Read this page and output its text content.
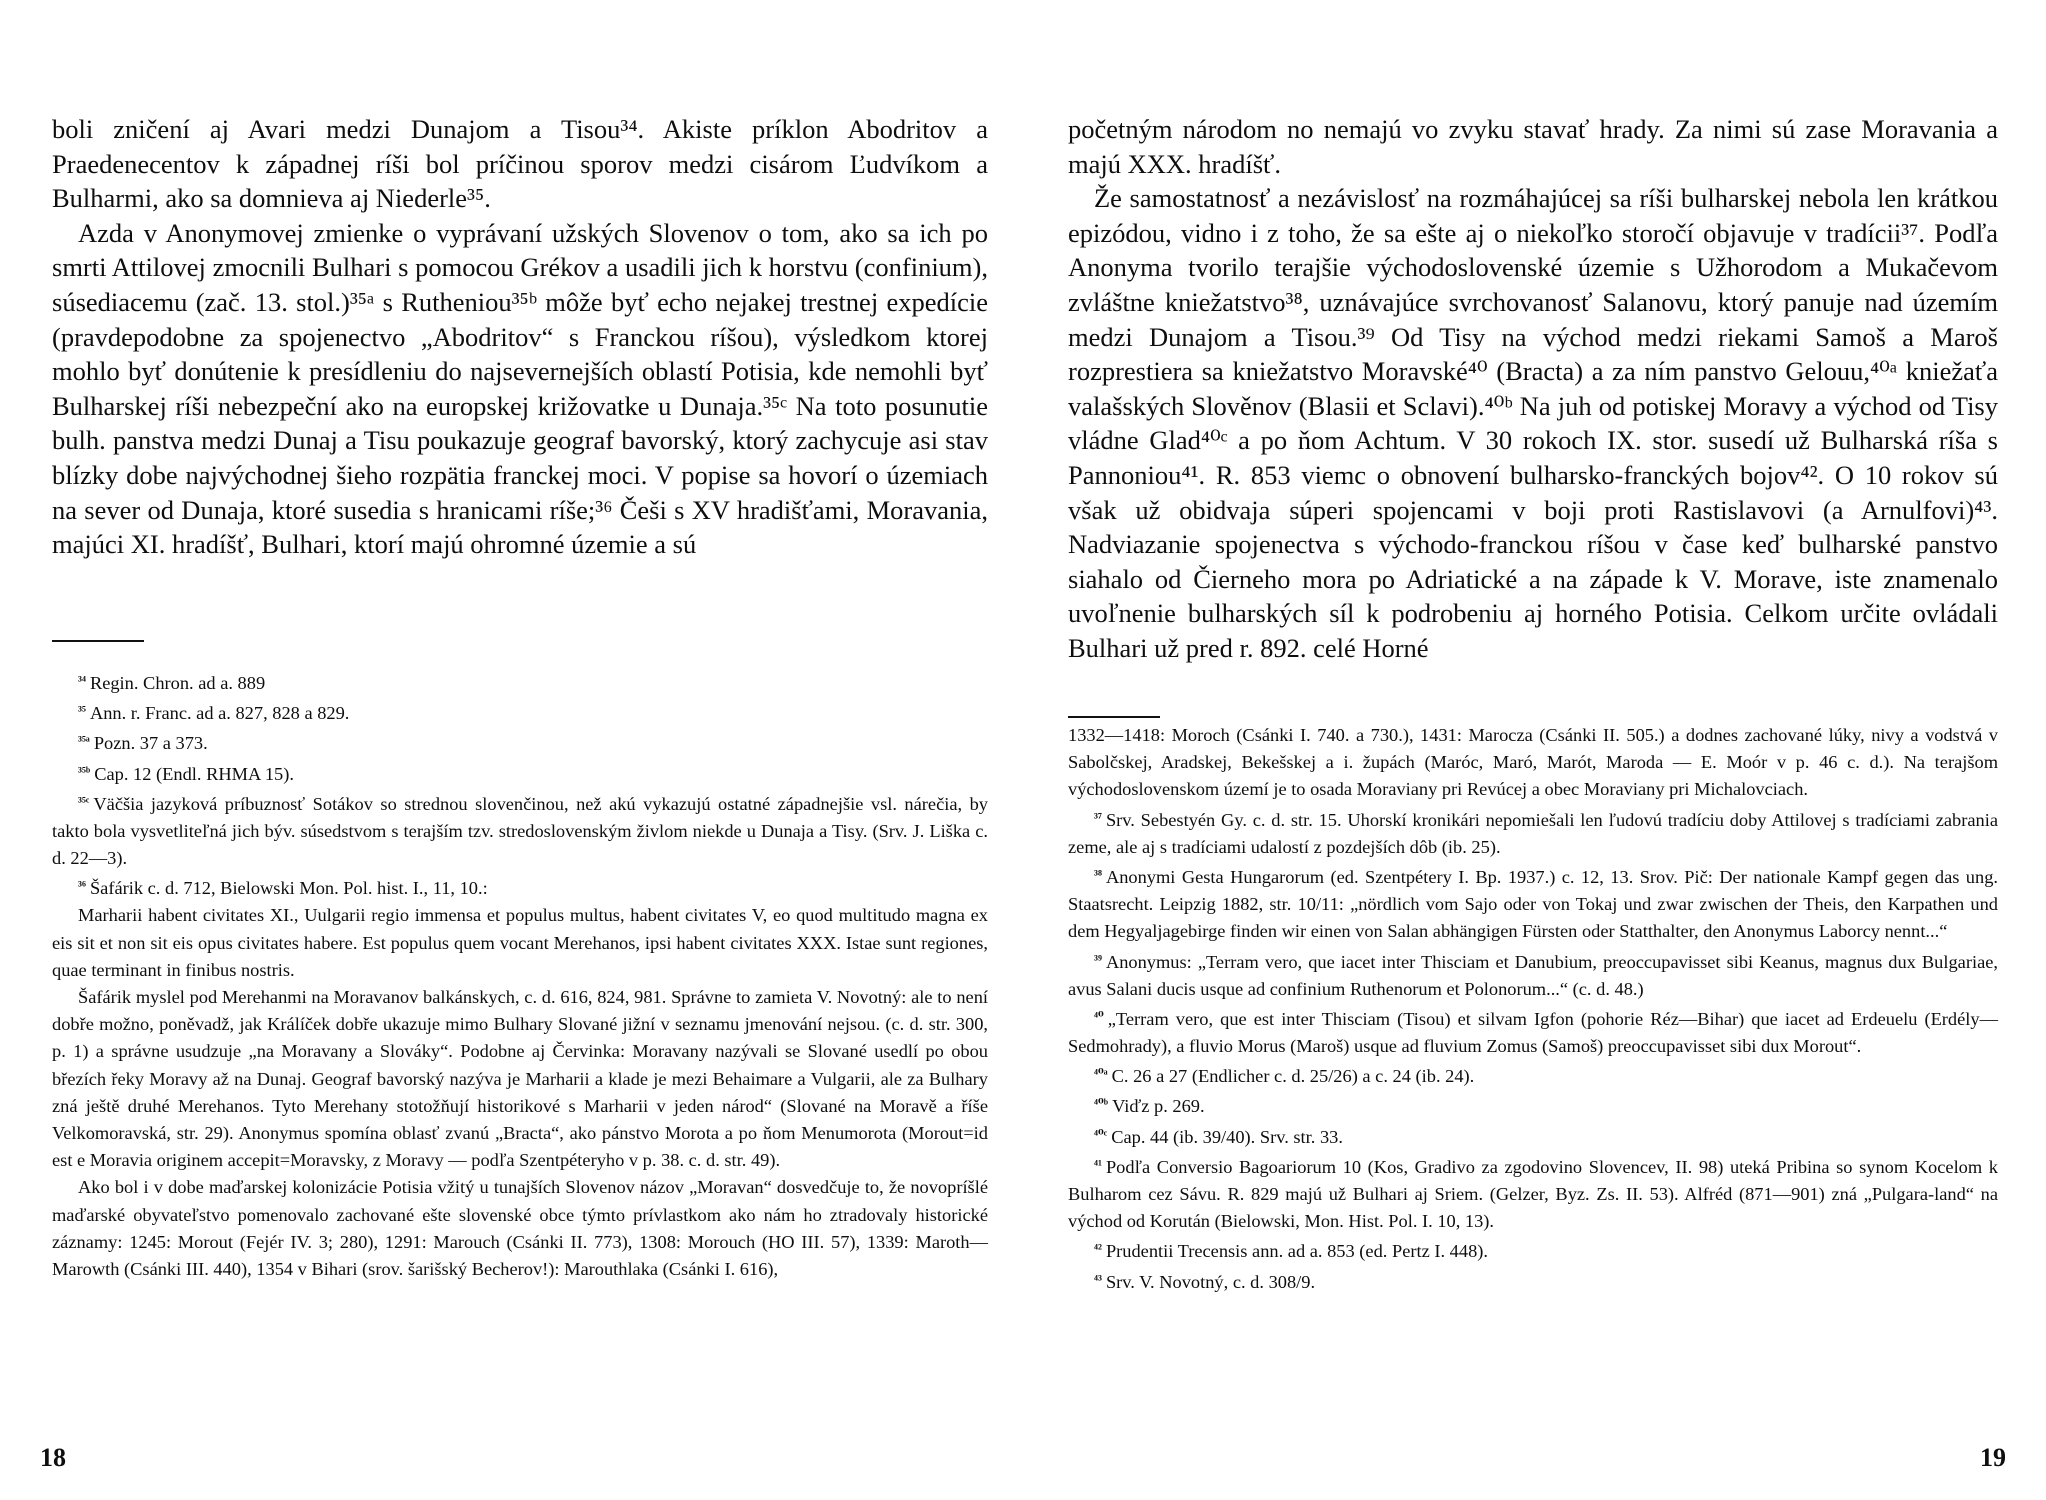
boli zničení aj Avari medzi Dunajom a Tisou³⁴. Akiste príklon Abodritov a Praedenecentov k západnej ríši bol príčinou sporov medzi cisárom Ľudvíkom a Bulharmi, ako sa domnieva aj Niederle³⁵.

Azda v Anonymovej zmienke o vyprávaní užských Slovenov o tom, ako sa ich po smrti Attilovej zmocnili Bulhari s pomocou Grékov a usadili jich k horstvu (confinium), súsediacemu (zač. 13. stol.)³⁵ᵃ s Rutheniou³⁵ᵇ môže byť echo nejakej trestnej expedície (pravdepodobne za spojenectvo „Abodritov“ s Franckou ríšou), výsledkom ktorej mohlo byť donútenie k presídleniu do najsevernejších oblastí Potisia, kde nemohli byť Bulharskej ríši nebezpeční ako na europskej križovatke u Dunaja.³⁵ᶜ Na toto posunutie bulh. panstva medzi Dunaj a Tisu poukazuje geograf bavorský, ktorý zachycuje asi stav blízky dobe najvýchodnej šieho rozpätia franckej moci. V popise sa hovorí o územiach na sever od Dunaja, ktoré susedia s hranicami ríše;³⁶ Češi s XV hradišťami, Moravania, majúci XI. hradíšť, Bulhari, ktorí majú ohromné územie a sú

$^{^{34}}$ Regin. Chron. ad a. 889

$^{^{35}}$ Ann. r. Franc. ad a. 827, 828 a 829.

$^{^{35}ᵃ}$ Pozn. 37 a 373.

$^{^{35}ᵇ}$ Cap. 12 (Endl. RHMA 15).

$^{^{35}ᶜ}$ Väčšia jazyková príbuznosť Sotákov so strednou slovenčinou, než akú vykazujú ostatné západnejšie vsl. nárečia, by takto bola vysvetliteľná jich býv. súsedstvom s terajším tzv. stredoslovenským živlom niekde u Dunaja a Tisy. (Srv. J. Liška c. d. 22—3).

$^{^{36}}$ Šafárik c. d. 712, Bielowski Mon. Pol. hist. I., 11, 10.:

Marharii habent civitates XI., Uulgarii regio immensa et populus multus, habent civitates V, eo quod multitudo magna ex eis sit et non sit eis opus civitates habere. Est populus quem vocant Merehanos, ipsi habent civitates XXX. Istae sunt regiones, quae terminant in finibus nostris.

Šafárik myslel pod Merehanmi na Moravanov balkánskych, c. d. 616, 824, 981. Správne to zamieta V. Novotný: ale to není dobře možno, poněvadž, jak Králíček dobře ukazuje mimo Bulhary Slované jižní v seznamu jmenování nejsou. (c. d. str. 300, p. 1) a správne usudzuje „na Moravany a Slováky“. Podobne aj Červinka: Moravany nazývali se Slované usedlí po obou březích řeky Moravy až na Dunaj. Geograf bavorský nazýva je Marharii a klade je mezi Behaimare a Vulgarii, ale za Bulhary zná ještě druhé Merehanos. Tyto Merehany stotožňují historikové s Marharii v jeden národ“ (Slované na Moravě a říše Velkomoravská, str. 29). Anonymus spomína oblasť zvanú „Bracta“, ako pánstvo Morota a po ňom Menumorota (Morout=id est e Moravia originem accepit=Moravsky, z Moravy — podľa Szentpéteryho v p. 38. c. d. str. 49).

Ako bol i v dobe maďarskej kolonizácie Potisia vžitý u tunajších Slovenov názov „Moravan“ dosvedčuje to, že novopríšlé maďarské obyvateľstvo pomenovalo zachované ešte slovenské obce týmto prívlastkom ako nám ho ztradovaly historické záznamy: 1245: Morout (Fejér IV. 3; 280), 1291: Marouch (Csánki II. 773), 1308: Morouch (HO III. 57), 1339: Maroth—Marowth (Csánki III. 440), 1354 v Bihari (srov. šarišský Becherov!): Marouthlaka (Csánki I. 616),

18

početným národom no nemajú vo zvyku stavať hrady. Za nimi sú zase Moravania a majú XXX. hradíšť.

Že samostatnosť a nezávislosť na rozmáhajúcej sa ríši bulharskej nebola len krátkou epizódou, vidno i z toho, že sa ešte aj o niekoľko storočí objavuje v tradícii³⁷. Podľa Anonyma tvorilo terajšie východoslovenské územie s Užhorodom a Mukačevom zvláštne kniežatstvo³⁸, uznávajúce svrchovanosť Salanovu, ktorý panuje nad územím medzi Dunajom a Tisou.³⁹ Od Tisy na východ medzi riekami Samoš a Maroš rozprestiera sa kniežatstvo Moravské⁴⁰ (Bracta) a za ním panstvo Gelouu,⁴⁰ᵃ kniežaťa valašských Slověnov (Blasii et Sclavi).⁴⁰ᵇ Na juh od potiskej Moravy a východ od Tisy vládne Glad⁴⁰ᶜ a po ňom Achtum. V 30 rokoch IX. stor. susedí už Bulharská ríša s Pannoniou⁴¹. R. 853 viemc o obnovení bulharsko-franckých bojov⁴². O 10 rokov sú však už obidvaja súperi spojencami v boji proti Rastislavovi (a Arnulfovi)⁴³. Nadviazanie spojenectva s východo-franckou ríšou v čase keď bulharské panstvo siahalo od Čierneho mora po Adriatické a na západe k V. Morave, iste znamenalo uvoľnenie bulharských síl k podrobeniu aj horného Potisia. Celkom určite ovládali Bulhari už pred r. 892. celé Horné

1332—1418: Moroch (Csánki I. 740. a 730.), 1431: Marocza (Csánki II. 505.) a dodnes zachované lúky, nivy a vodstvá v Sabolčskej, Aradskej, Bekešskej a i. župách (Maróc, Maró, Marót, Maroda — E. Moór v p. 46 c. d.). Na terajšom východoslovenskom území je to osada Moraviany pri Revúcej a obec Moraviany pri Michalovciach.

$^{^{37}}$ Srv. Sebestyén Gy. c. d. str. 15. Uhorskí kronikári nepomiešali len ľudovú tradíciu doby Attilovej s tradíciami zabrania zeme, ale aj s tradíciami udalostí z pozdejších dôb (ib. 25).

$^{^{38}}$ Anonymi Gesta Hungarorum (ed. Szentpétery I. Bp. 1937.) c. 12, 13. Srov. Pič: Der nationale Kampf gegen das ung. Staatsrecht. Leipzig 1882, str. 10/11: „nördlich vom Sajo oder von Tokaj und zwar zwischen der Theis, den Karpathen und dem Hegyaljagebirge finden wir einen von Salan abhängigen Fürsten oder Statthalter, den Anonymus Laborcy nennt...“

$^{^{39}}$ Anonymus: „Terram vero, que iacet inter Thisciam et Danubium, preoccupavisset sibi Keanus, magnus dux Bulgariae, avus Salani ducis usque ad confinium Ruthenorum et Polonorum...“ (c. d. 48.)

$^{^{40}}$ „Terram vero, que est inter Thisciam (Tisou) et silvam Igfon (pohorie Réz—Bihar) que iacet ad Erdeuelu (Erdély—Sedmohrady), a fluvio Morus (Maroš) usque ad fluvium Zomus (Samoš) preoccupavisset sibi dux Morout“.

$^{^{40}ᵃ}$ C. 26 a 27 (Endlicher c. d. 25/26) a c. 24 (ib. 24).

$^{^{40}ᵇ}$ Viďz p. 269.

$^{^{40}ᶜ}$ Cap. 44 (ib. 39/40). Srv. str. 33.

$^{^{41}}$ Podľa Conversio Bagoariorum 10 (Kos, Gradivo za zgodovino Slovencev, II. 98) uteká Pribina so synom Kocelom k Bulharom cez Sávu. R. 829 majú už Bulhari aj Sriem. (Gelzer, Byz. Zs. II. 53). Alfréd (871—901) zná „Pulgara-land“ na východ od Korután (Bielowski, Mon. Hist. Pol. I. 10, 13).

$^{^{42}}$ Prudentii Trecensis ann. ad a. 853 (ed. Pertz I. 448).

$^{^{43}}$ Srv. V. Novotný, c. d. 308/9.

19
